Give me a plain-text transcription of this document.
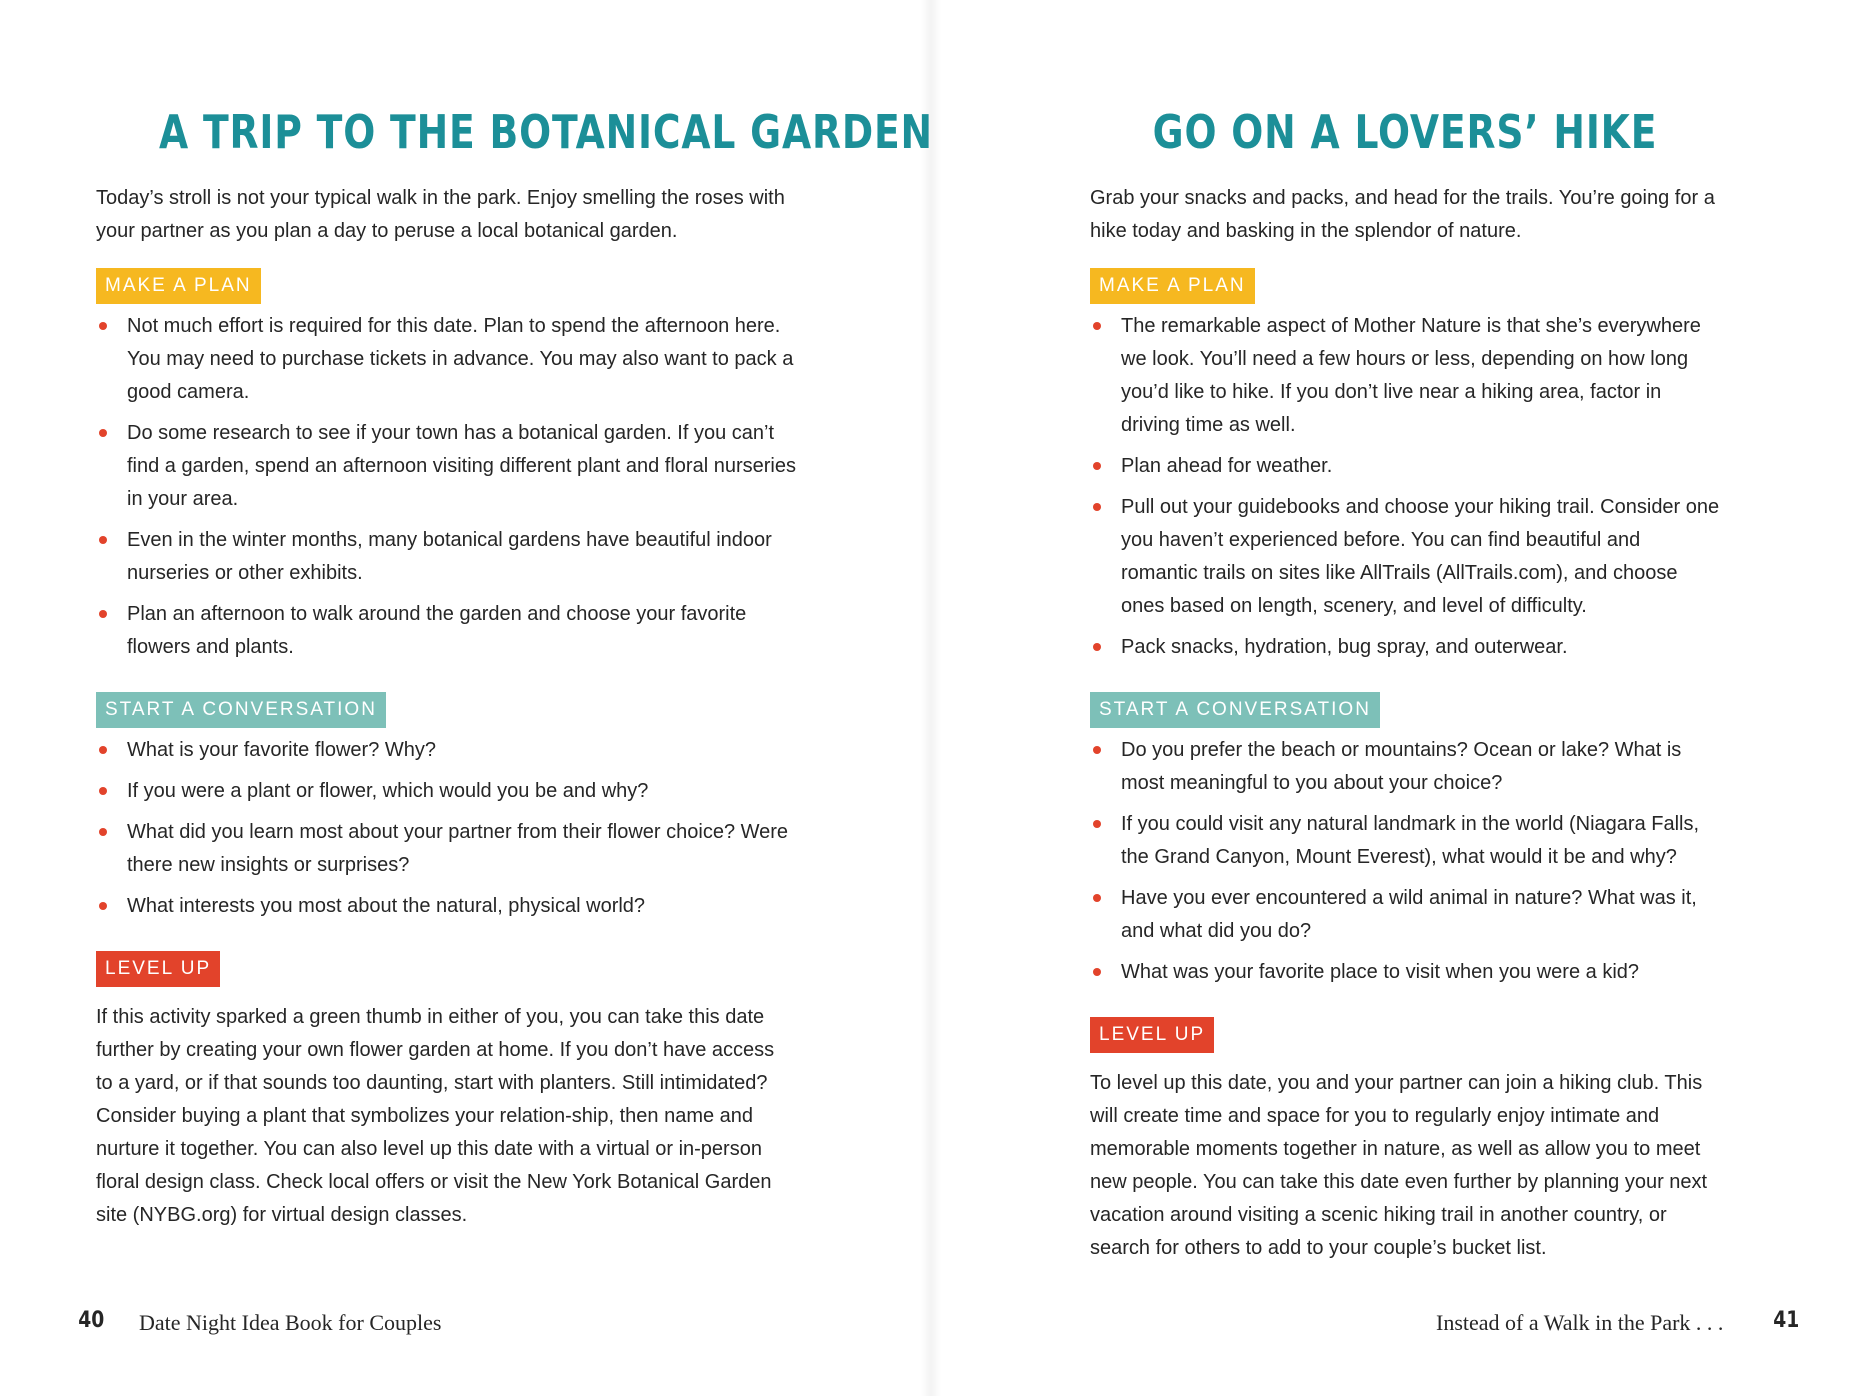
A TRIP TO THE BOTANICAL GARDEN

Today’s stroll is not your typical walk in the park. Enjoy smelling the roses with your partner as you plan a day to peruse a local botanical garden.

MAKE A PLAN
Not much effort is required for this date. Plan to spend the afternoon here. You may need to purchase tickets in advance. You may also want to pack a good camera.
Do some research to see if your town has a botanical garden. If you can’t find a garden, spend an afternoon visiting different plant and floral nurseries in your area.
Even in the winter months, many botanical gardens have beautiful indoor nurseries or other exhibits.
Plan an afternoon to walk around the garden and choose your favorite flowers and plants.
START A CONVERSATION
What is your favorite flower? Why?
If you were a plant or flower, which would you be and why?
What did you learn most about your partner from their flower choice? Were there new insights or surprises?
What interests you most about the natural, physical world?
LEVEL UP

If this activity sparked a green thumb in either of you, you can take this date further by creating your own flower garden at home. If you don’t have access to a yard, or if that sounds too daunting, start with planters. Still intimidated? Consider buying a plant that symbolizes your relation-ship, then name and nurture it together. You can also level up this date with a virtual or in-person floral design class. Check local offers or visit the New York Botanical Garden site (NYBG.org) for virtual design classes.

40 Date Night Idea Book for Couples
GO ON A LOVERS’ HIKE

Grab your snacks and packs, and head for the trails. You’re going for a hike today and basking in the splendor of nature.

MAKE A PLAN
The remarkable aspect of Mother Nature is that she’s everywhere we look. You’ll need a few hours or less, depending on how long you’d like to hike. If you don’t live near a hiking area, factor in driving time as well.
Plan ahead for weather.
Pull out your guidebooks and choose your hiking trail. Consider one you haven’t experienced before. You can find beautiful and romantic trails on sites like AllTrails (AllTrails.com), and choose ones based on length, scenery, and level of difficulty.
Pack snacks, hydration, bug spray, and outerwear.
START A CONVERSATION
Do you prefer the beach or mountains? Ocean or lake? What is most meaningful to you about your choice?
If you could visit any natural landmark in the world (Niagara Falls, the Grand Canyon, Mount Everest), what would it be and why?
Have you ever encountered a wild animal in nature? What was it, and what did you do?
What was your favorite place to visit when you were a kid?
LEVEL UP

To level up this date, you and your partner can join a hiking club. This will create time and space for you to regularly enjoy intimate and memorable moments together in nature, as well as allow you to meet new people. You can take this date even further by planning your next vacation around visiting a scenic hiking trail in another country, or search for others to add to your couple’s bucket list.

Instead of a Walk in the Park . . . 41
